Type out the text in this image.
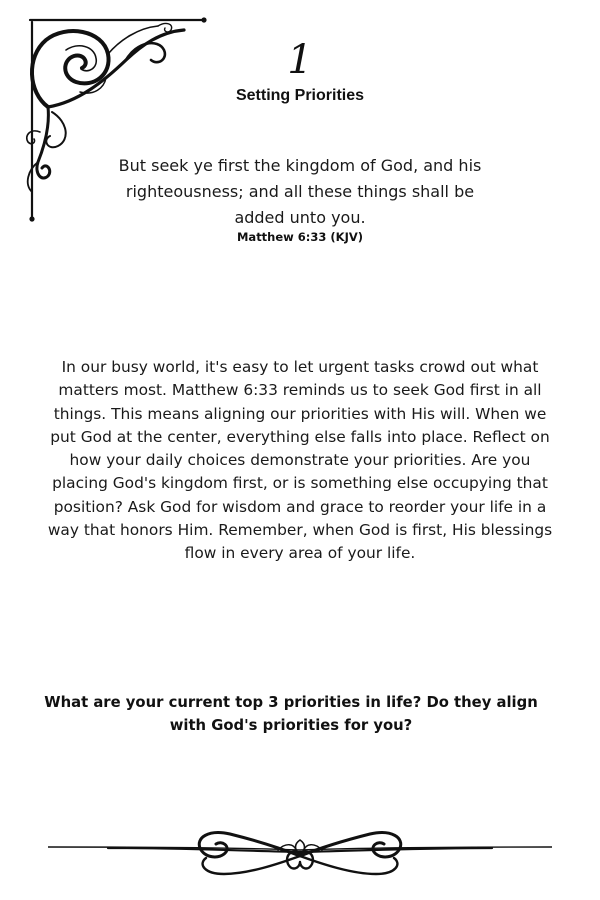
1
Setting Priorities
But seek ye first the kingdom of God, and his righteousness; and all these things shall be added unto you.
Matthew 6:33 (KJV)
In our busy world, it's easy to let urgent tasks crowd out what matters most. Matthew 6:33 reminds us to seek God first in all things. This means aligning our priorities with His will. When we put God at the center, everything else falls into place. Reflect on how your daily choices demonstrate your priorities. Are you placing God's kingdom first, or is something else occupying that position? Ask God for wisdom and grace to reorder your life in a way that honors Him. Remember, when God is first, His blessings flow in every area of your life.
What are your current top 3 priorities in life? Do they align with God's priorities for you?
